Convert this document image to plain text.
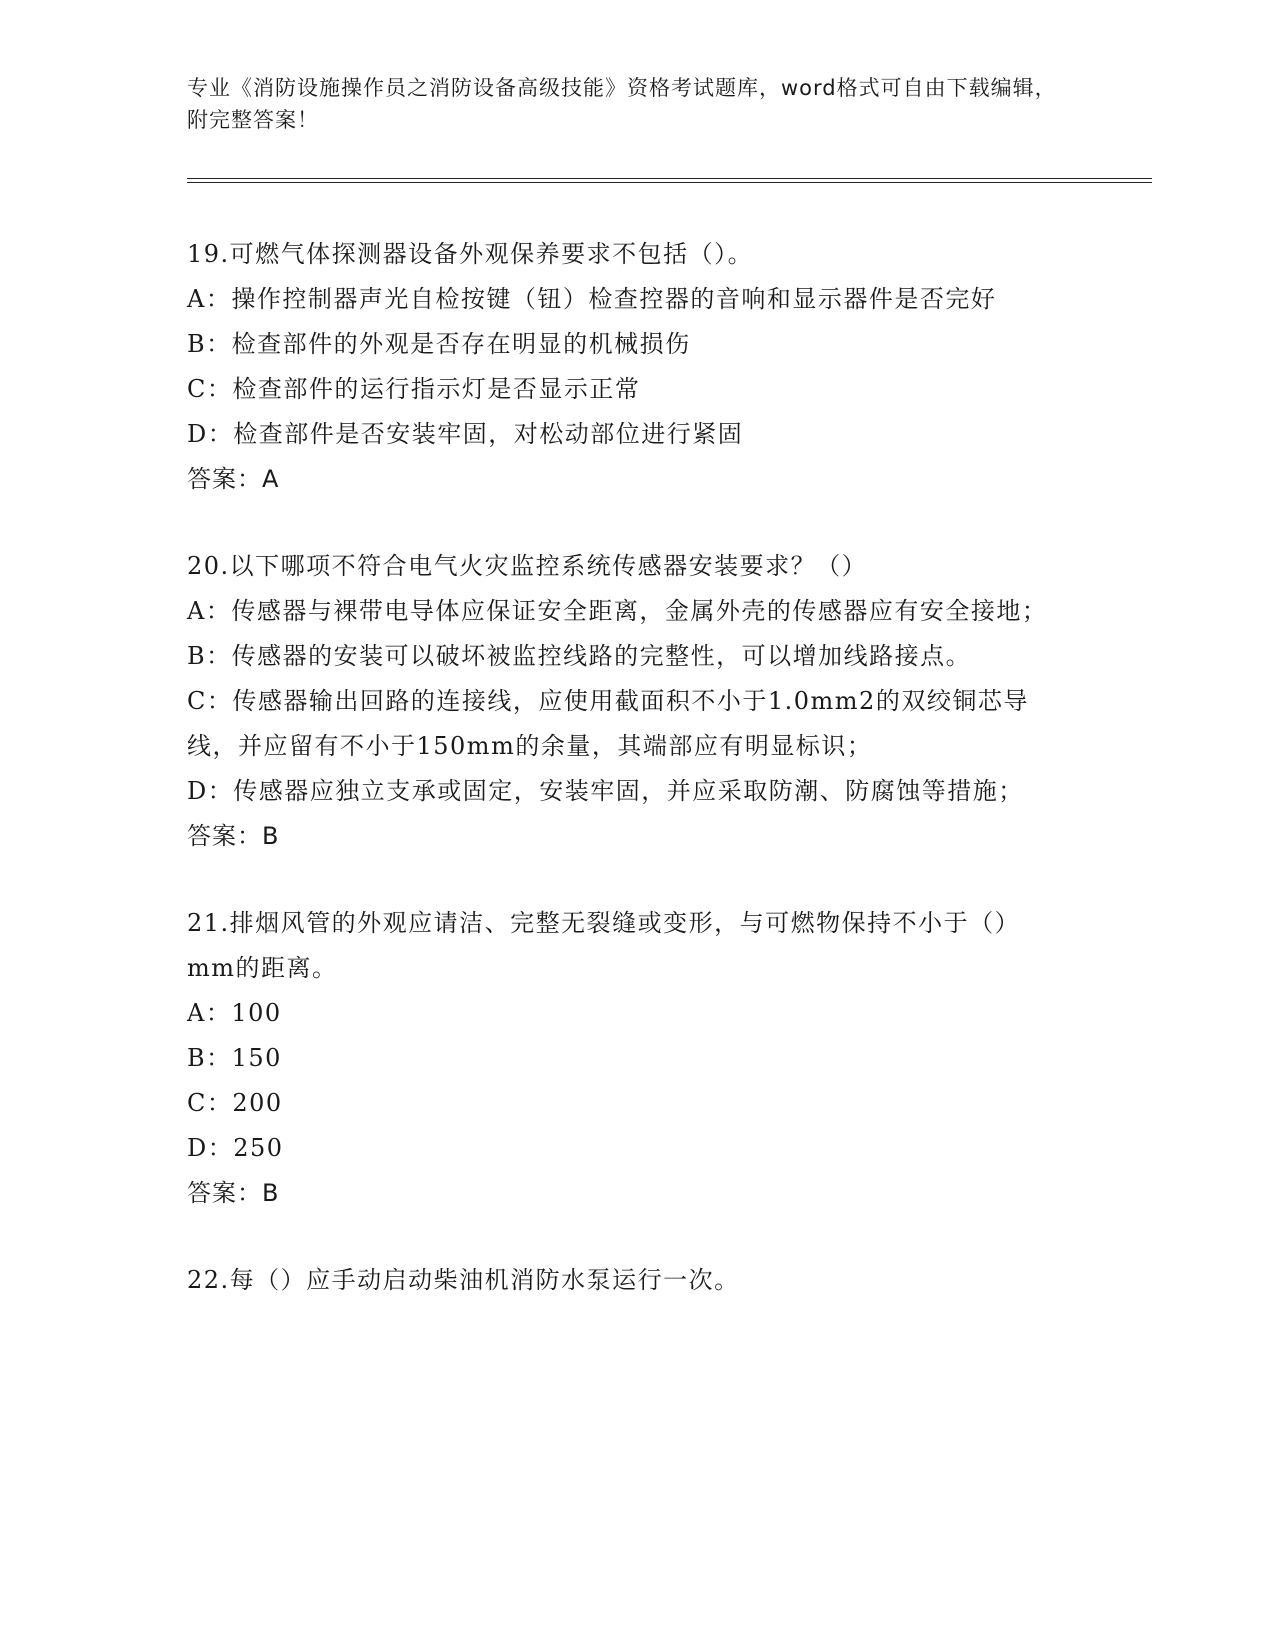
专业《消防设施操作员之消防设备高级技能》资格考试题库，word格式可自由下载编辑，附完整答案！

19.可燃气体探测器设备外观保养要求不包括（）。

A：操作控制器声光自检按键（钮）检查控器的音响和显示器件是否完好

B：检查部件的外观是否存在明显的机械损伤

C：检查部件的运行指示灯是否显示正常

D：检查部件是否安装牢固，对松动部位进行紧固

答案：A

20.以下哪项不符合电气火灾监控系统传感器安装要求？（）

A：传感器与裸带电导体应保证安全距离，金属外壳的传感器应有安全接地；

B：传感器的安装可以破坏被监控线路的完整性，可以增加线路接点。

C：传感器输出回路的连接线，应使用截面积不小于1.0mm2的双绞铜芯导线，并应留有不小于150mm的余量，其端部应有明显标识；

D：传感器应独立支承或固定，安装牢固，并应采取防潮、防腐蚀等措施；

答案：B

21.排烟风管的外观应请洁、完整无裂缝或变形，与可燃物保持不小于（）mm的距离。

A：100

B：150

C：200

D：250

答案：B

22.每（）应手动启动柴油机消防水泵运行一次。
